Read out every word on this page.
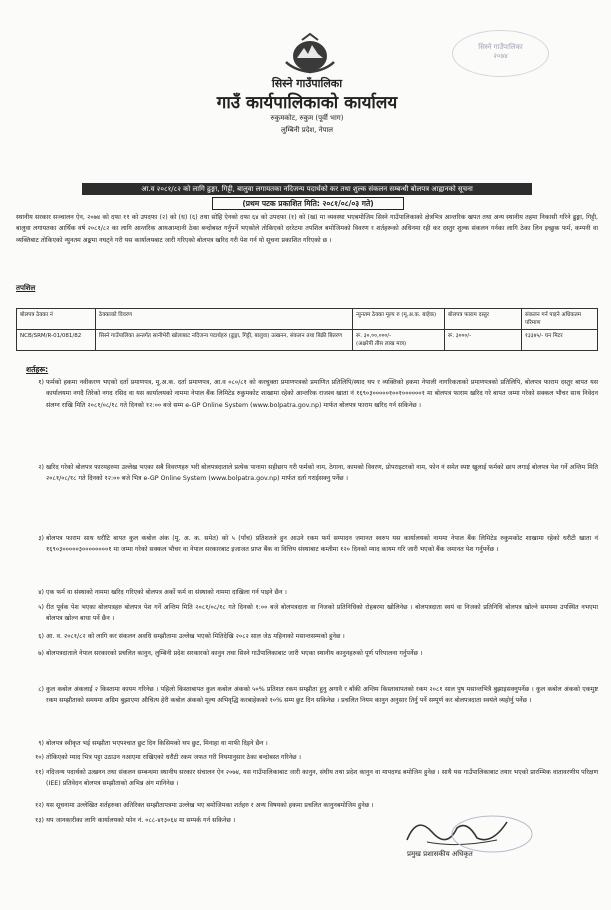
सिस्ने गाउँपालिका
२०७४
सिस्ने गाउँपालिका
गाउँ कार्यपालिकाको कार्यालय
रुकुमकोट, रुकुम (पूर्वी भाग)
लुम्बिनी प्रदेश, नेपाल
आ.व २०८१/८२ को लागि ढुङ्गा, गिट्टी, बालुवा लगायतका नदिजन्य पदार्थको कर तथा शुल्क संकलन सम्बन्धी बोलपत्र आह्वानको सूचना
(प्रथम पटक प्रकाशित मिति: २०८१/०८/०३ गते)
स्थानीय सरकार सञ्चालन ऐन, २०७४ को दफा ११ को उपदफा (२) को (ध) (६) तथा सोहि ऐनको दफा ६४ को उपदफा (१) को (ख) मा व्यवस्था भएबमोजिम सिस्ने गाउँपालिकाको क्षेत्रभित्र आन्तरिक खपत तथा अन्य स्थानीय तहमा निकासी गरिने ढुङ्गा, गिट्टी, बालुवा लगायतका आर्थिक वर्ष २०८१/८२ का लागि आन्तरिक आयआम्दानी ठेका बन्दोबस्त गर्नुपर्ने भएकोले तोकिएको दररेटमा तपशिल बमोजिमको विवरण र शर्तहरूको अधिनमा रही कर दस्तुर शुल्क संकलन गर्नका लागि ठेका लिन इच्छुक फर्म, कम्पनी वा व्यक्तिबाट तोकिएको न्युनतम अङ्कमा नघट्ने गरी यस कार्यालयबाट जारी गरिएको बोलपत्र खरिद गरी पेश गर्न यो सूचना प्रकाशित गरिएको छ ।
तपशिल
बोलपत्र ठेक्का नं	ठेक्काको विवरण	न्युनतम ठेक्का मूल्य रु (मू.अ.क. बाहेक)	बोलपत्र फाराम दस्तुर	संकलन गर्न पाइने अधिकतम परिमाण
NCB/SRM/R-01/081/82	सिस्ने गाउँपालिका अन्तर्गत सानीभेरी खोलाबाट नदिजन्य पदार्थहरु (ढुङ्गा, गिट्टी, बालुवा) उत्खनन, संकलन तथा बिक्री बितरण	रू. ३०,००,०००/-
(अक्षरेपी तीस लाख मात्र)	रू. ३०००/-	१३३४५/- घन मिटर
शर्तहरू:
१) फर्मको हकमा नवीकरण भएको दर्ता प्रमाणपत्र, मू.अ.क. दर्ता प्रमाणपत्र, आ.व ०८०/८१ को करचुक्ता प्रमाणपत्रको प्रमाणित प्रतिलिपि/स्याद थप र व्यक्तिको हकमा नेपाली नागरिकताको प्रमाणपत्रको प्रतिलिपि, बोलपत्र फाराम दस्तुर बापत यस कार्यालयमा नगदै तिरेको नगद रसिद वा यस कार्यालयको नाममा नेपाल बैंक लिमिटेड रुकुमकोट शाखामा रहेको आन्तरिक राजश्व खाता नं १६९०३०००००१००१००००००१ मा बोलपत्र फाराम खरिद गरे बापत जम्मा गरेको सक्कल भौचर साथ निवेदन संलग्न राखि मिति २०८१/०८/१८ गते दिनको १२:०० बजे सम्म e-GP Online System (www.bolpatra.gov.np) मार्फत बोलपत्र फाराम खरिद गर्न सकिनेछ ।
२) खरिद गरेको बोलपत्र फारमहरुमा उल्लेख भएका सबै विवरणहरु भरी बोलपत्रदाताले प्रत्येक पानामा सहीछाप गरी फर्मको नाम, ठेगाना, कामको विवरण, प्रोपराइटरको नाम, फोन नं समेत स्पष्ट खुलाई फर्मको छाप लगाई बोलपत्र पेश गर्ने अन्तिम मिति २०८१/०८/१८ गते दिनको १२:०० बजे भित्र e-GP Online System (www.bolpatra.gov.np) मार्फत दर्ता गराईसक्नु पर्नेछ ।
३) बोलपत्र फाराम साथ धरौटि बापत कुल कबोल अंक (मू. अ. क. समेत) को ५ (पाँच) प्रतिशतले हुन आउने रकम फर्म सम्पादन जमानत स्वरुप यस कार्यालयको नाममा नेपाल बैंक लिमिटेड रुकुमकोट शाखामा रहेको धरौटी खाता नं १६९०३०००००३००००००००१ मा जम्मा गरेको सक्कल भौचर वा नेपाल सरकारबाट इजाजत प्राप्त बैंक वा वित्तिय संस्थाबाट कम्तीमा १२० दिनको म्याद कायम गरि जारी भएको बैंक जमानत पेश गर्नुपर्नेछ ।
४) एक फर्म वा संस्थाको नाममा खरिद गरिएको बोलपत्र अर्को फर्म वा संस्थाको नाममा दाखिला गर्न पाइने छैन ।
५) रीत पूर्वक पेश भएका बोलपत्रहरु बोलपत्र पेश गर्ने अन्तिम मिति २०८१/०८/१८ गते दिनको १:०० बजे बोलपत्रदाता वा निजको प्रतिनिधिको रोहबरमा खोलिनेछ । बोलपत्रदाता स्वयं वा निजको प्रतिनिधि बोलपत्र खोल्ने समयमा उपस्थित नभएमा बोलपत्र खोल्न बाधा पर्ने छैन ।
६) आ. व. २०८१/८२ को लागि कर संकलन अवधि सम्झौतामा उल्लेख भएको मितिदेखि २०८२ साल जेठ महिनाको मसान्तसम्मको हुनेछ ।
७) बोलपत्रदाताले नेपाल सरकारको प्रचलित कानुन, लुम्बिनी प्रदेश सरकारको कानुन तथा सिस्ने गाउँपालिकाबाट जारी भएका स्थानीय कानुनहरुको पूर्ण परिपालना गर्नुपर्नेछ ।
८) कुल कबोल अंकलाई २ किस्तामा कायम गरिनेछ । पहिलो किस्ताबापत कुल कबोल अंकको ५०% प्रतिशत रकम सम्झौता हुनु अगावै र बाँकी अन्तिम किस्तावापतको रकम २०८१ साल पुष मसान्तभित्रै बुझाइसक्नुपर्नेछ । कुल कबोल अंकको एकमुष्ट रकम सम्झौताको समयमा अग्रिम बुझाएमा औचित्य हेरी कबोल अंकको मूल्य अभिवृद्धि करबाहेकको १०% सम्म छुट दिन सकिनेछ । प्रचलित नियम कानुन अनुसार तिर्नु पर्ने सम्पूर्ण कर बोलपत्रदाता स्वयंले व्यहोर्नु पर्नेछ ।
९) बोलपत्र स्वीकृत भई सम्झौता भएपश्चात छुट दिन किसिमको थप छुट, मिनाहा वा माफी दिइने छैन ।
१०) तोकिएको म्याद भित्र पट्टा उठाउन नआएमा राखिएको धरौटी रकम जफत गरी नियमानुसार ठेका बन्दोबस्त गरिनेछ ।
११) नदिजन्य पदार्थको उत्खनन तथा संकलन सम्बन्धमा स्थानीय सरकार संचालन ऐन २०७४, यस गाउँपालिकाबाट जारी कानुन, संघीय तथा प्रदेश कानुन वा मापदण्ड बमोजिम हुनेछ । साथै यस गाउँपालिकाबाट तयार भएको प्रारम्भिक वातावरणीय परिक्षण (IEE) प्रतिवेदन बोलपत्र सम्झौताको अभिन्न अंग मानिनेछ ।
१२) यस सूचनामा उल्लेखित शर्तहरुका अतिरिक्त सम्झौतापत्रमा उल्लेख भए बमोजिमका शर्तहरु र अन्य विषयको हकमा प्रचलित कानुनबमोजिम हुनेछ ।
१३) थप जानकारीका लागि कार्यालयको फोन नं. ०८८-४१३०६४ मा सम्पर्क गर्न सकिनेछ ।
प्रमुख प्रशासकीय अधिकृत
